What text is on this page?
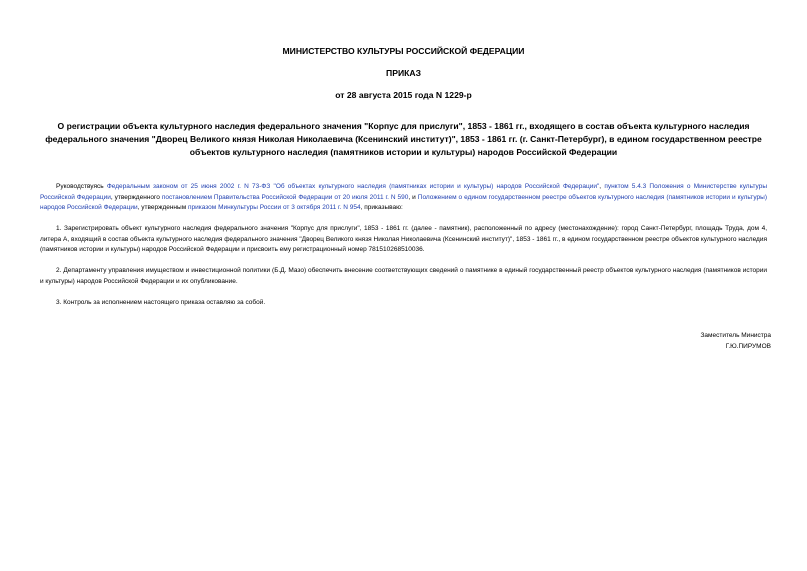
МИНИСТЕРСТВО КУЛЬТУРЫ РОССИЙСКОЙ ФЕДЕРАЦИИ
ПРИКАЗ
от 28 августа 2015 года N 1229-р
О регистрации объекта культурного наследия федерального значения "Корпус для прислуги", 1853 - 1861 гг., входящего в состав объекта культурного наследия федерального значения "Дворец Великого князя Николая Николаевича (Ксенинский институт)", 1853 - 1861 гг. (г. Санкт-Петербург), в едином государственном реестре объектов культурного наследия (памятников истории и культуры) народов Российской Федерации
Руководствуясь Федеральным законом от 25 июня 2002 г. N 73-ФЗ "Об объектах культурного наследия (памятниках истории и культуры) народов Российской Федерации", пунктом 5.4.3 Положения о Министерстве культуры Российской Федерации, утвержденного постановлением Правительства Российской Федерации от 20 июля 2011 г. N 590, и Положением о едином государственном реестре объектов культурного наследия (памятников истории и культуры) народов Российской Федерации, утвержденным приказом Минкультуры России от 3 октября 2011 г. N 954, приказываю:
1. Зарегистрировать объект культурного наследия федерального значения "Корпус для прислуги", 1853 - 1861 гг. (далее - памятник), расположенный по адресу (местонахождение): город Санкт-Петербург, площадь Труда, дом 4, литера А, входящий в состав объекта культурного наследия федерального значения "Дворец Великого князя Николая Николаевича (Ксенинский институт)", 1853 - 1861 гг., в едином государственном реестре объектов культурного наследия (памятников истории и культуры) народов Российской Федерации и присвоить ему регистрационный номер 781510268510036.
2. Департаменту управления имуществом и инвестиционной политики (Б.Д. Мазо) обеспечить внесение соответствующих сведений о памятнике в единый государственный реестр объектов культурного наследия (памятников истории и культуры) народов Российской Федерации и их опубликование.
3. Контроль за исполнением настоящего приказа оставляю за собой.
Заместитель Министра
Г.Ю.ПИРУМОВ
